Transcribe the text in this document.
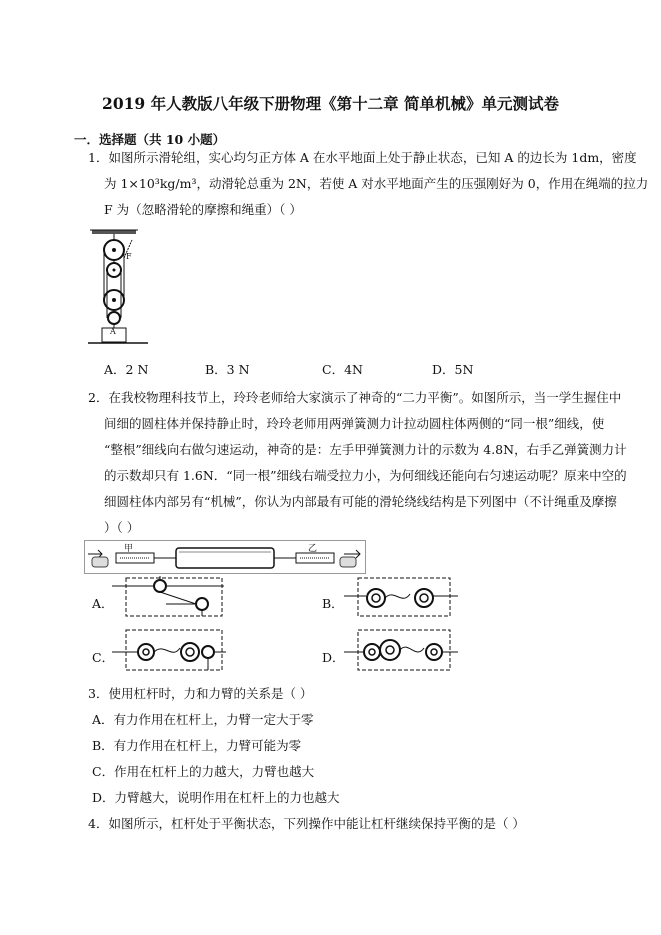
2019 年人教版八年级下册物理《第十二章 简单机械》单元测试卷
一．选择题（共 10 小题）
1．如图所示滑轮组，实心均匀正方体 A 在水平地面上处于静止状态，已知 A 的边长为 1dm，密度
为 1×10³kg/m³，动滑轮总重为 2N，若使 A 对水平地面产生的压强刚好为 0，作用在绳端的拉力
F 为（忽略滑轮的摩擦和绳重）（ ）
F
A
A．2 N	B．3 N	C．4N	D．5N
2．在我校物理科技节上，玲玲老师给大家演示了神奇的“二力平衡”。如图所示，当一学生握住中
间细的圆柱体并保持静止时，玲玲老师用两弹簧测力计拉动圆柱体两侧的“同一根”细线，使
“整根”细线向右做匀速运动，神奇的是：左手甲弹簧测力计的示数为 4.8N，右手乙弹簧测力计
的示数却只有 1.6N．“同一根”细线右端受拉力小，为何细线还能向右匀速运动呢？原来中空的
细圆柱体内部另有“机械”，你认为内部最有可能的滑轮绕线结构是下列图中（不计绳重及摩擦
）（ ）
甲	乙
A．	B．
C．	D．
3．使用杠杆时，力和力臂的关系是（ ）
A．有力作用在杠杆上，力臂一定大于零
B．有力作用在杠杆上，力臂可能为零
C．作用在杠杆上的力越大，力臂也越大
D．力臂越大，说明作用在杠杆上的力也越大
4．如图所示，杠杆处于平衡状态，下列操作中能让杠杆继续保持平衡的是（ ）
